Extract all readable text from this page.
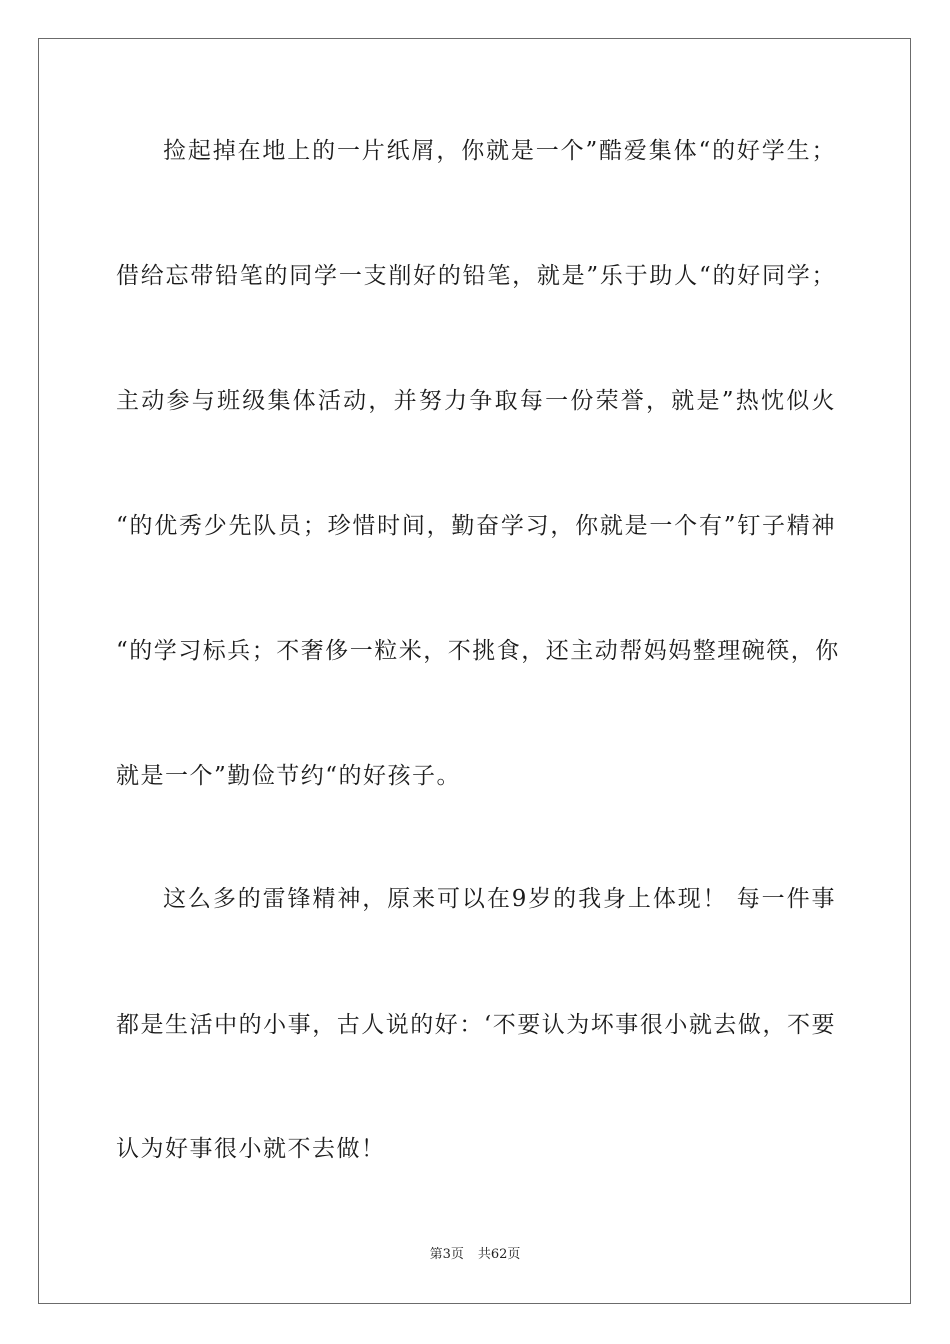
捡起掉在地上的一片纸屑，你就是一个”酷爱集体“的好学生；
借给忘带铅笔的同学一支削好的铅笔，就是”乐于助人“的好同学；
主动参与班级集体活动，并努力争取每一份荣誉，就是”热忱似火
“的优秀少先队员；珍惜时间，勤奋学习，你就是一个有”钉子精神
“的学习标兵；不奢侈一粒米，不挑食，还主动帮妈妈整理碗筷，你
就是一个”勤俭节约“的好孩子。
这么多的雷锋精神，原来可以在9岁的我身上体现！ 每一件事
都是生活中的小事，古人说的好：‘不要认为坏事很小就去做，不要
认为好事很小就不去做！
第3页 共62页
